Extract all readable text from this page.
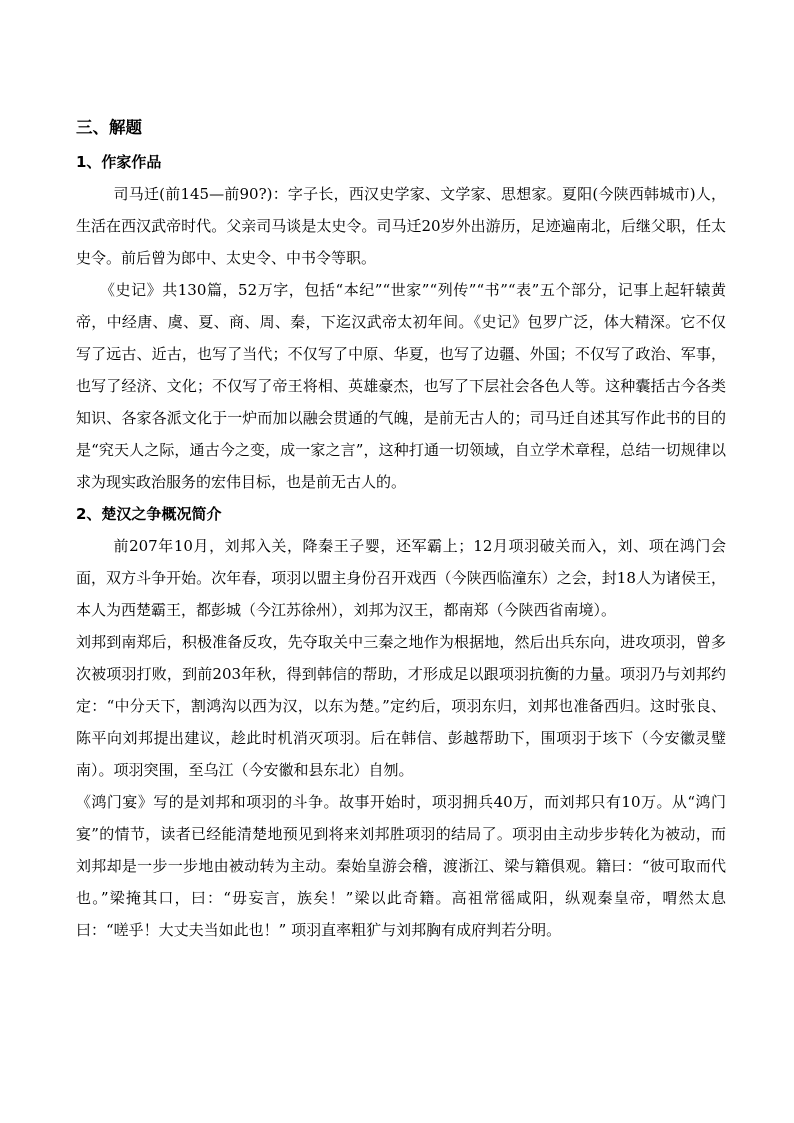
三、解题
1、作家作品

司马迁(前145—前90?)：字子长，西汉史学家、文学家、思想家。夏阳(今陕西韩城市)人，生活在西汉武帝时代。父亲司马谈是太史令。司马迁20岁外出游历，足迹遍南北，后继父职，任太史令。前后曾为郎中、太史令、中书令等职。

《史记》共130篇，52万字，包括“本纪”“世家”“列传”“书”“表”五个部分，记事上起轩辕黄帝，中经唐、虞、夏、商、周、秦，下迄汉武帝太初年间。《史记》包罗广泛，体大精深。它不仅写了远古、近古，也写了当代；不仅写了中原、华夏，也写了边疆、外国；不仅写了政治、军事，也写了经济、文化；不仅写了帝王将相、英雄豪杰，也写了下层社会各色人等。这种囊括古今各类知识、各家各派文化于一炉而加以融会贯通的气魄，是前无古人的；司马迁自述其写作此书的目的是“究天人之际，通古今之变，成一家之言”，这种打通一切领域，自立学术章程，总结一切规律以求为现实政治服务的宏伟目标，也是前无古人的。

2、楚汉之争概况简介

前207年10月，刘邦入关，降秦王子婴，还军霸上；12月项羽破关而入，刘、项在鸿门会面，双方斗争开始。次年春，项羽以盟主身份召开戏西（今陕西临潼东）之会，封18人为诸侯王，本人为西楚霸王，都彭城（今江苏徐州），刘邦为汉王，都南郑（今陕西省南境）。

刘邦到南郑后，积极准备反攻，先夺取关中三秦之地作为根据地，然后出兵东向，进攻项羽，曾多次被项羽打败，到前203年秋，得到韩信的帮助，才形成足以跟项羽抗衡的力量。项羽乃与刘邦约定：“中分天下，割鸿沟以西为汉，以东为楚。”定约后，项羽东归，刘邦也准备西归。这时张良、陈平向刘邦提出建议，趁此时机消灭项羽。后在韩信、彭越帮助下，围项羽于垓下（今安徽灵璧南）。项羽突围，至乌江（今安徽和县东北）自刎。

《鸿门宴》写的是刘邦和项羽的斗争。故事开始时，项羽拥兵40万，而刘邦只有10万。从“鸿门宴”的情节，读者已经能清楚地预见到将来刘邦胜项羽的结局了。项羽由主动步步转化为被动，而刘邦却是一步一步地由被动转为主动。秦始皇游会稽，渡浙江、梁与籍俱观。籍曰：“彼可取而代也。”梁掩其口，曰：“毋妄言，族矣！”梁以此奇籍。高祖常徭咸阳，纵观秦皇帝，喟然太息曰：“嗟乎！大丈夫当如此也！” 项羽直率粗犷与刘邦胸有成府判若分明。
